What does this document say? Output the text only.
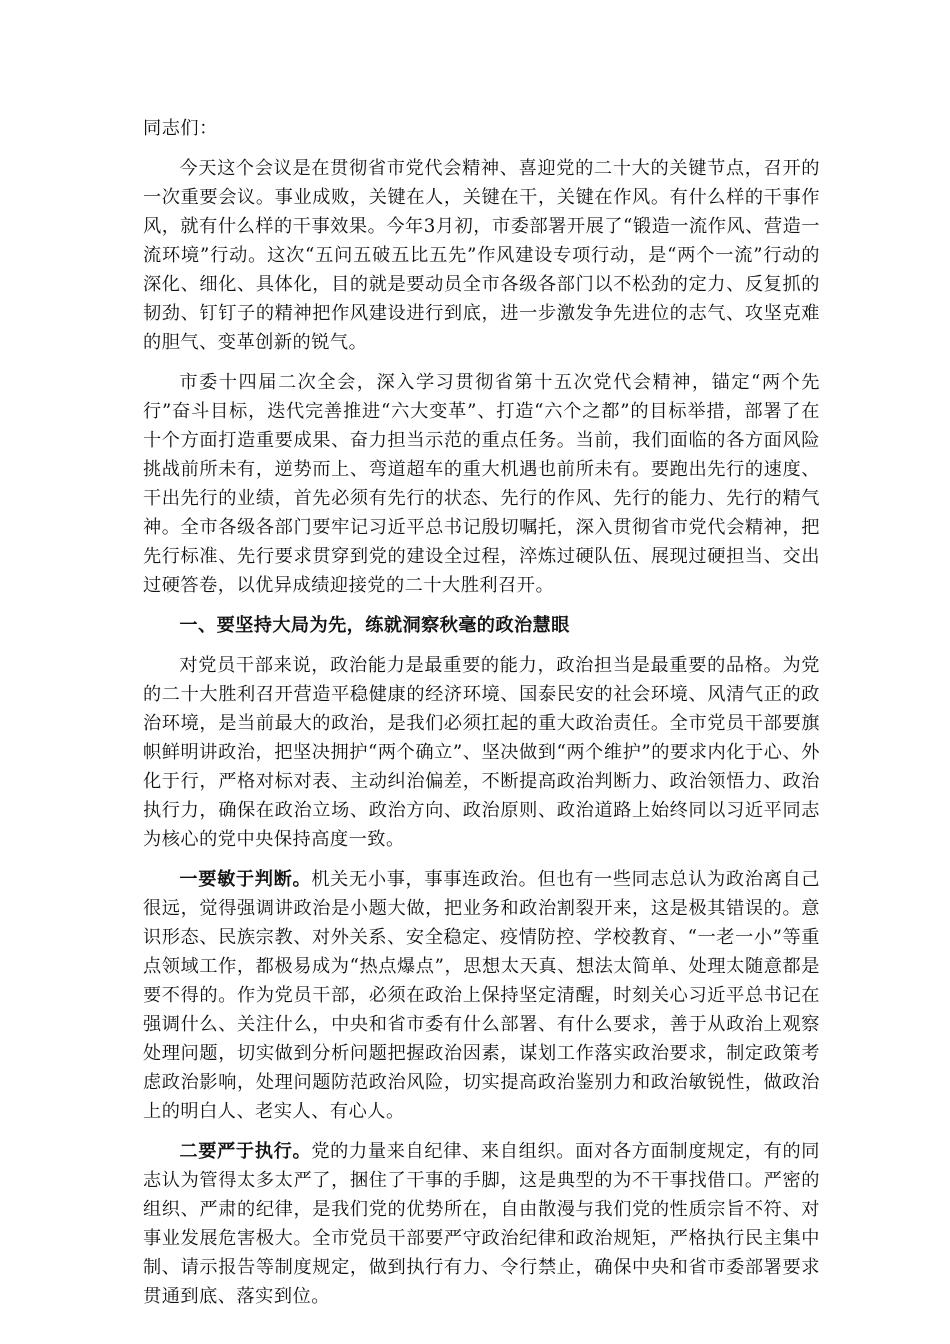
同志们：

今天这个会议是在贯彻省市党代会精神、喜迎党的二十大的关键节点，召开的一次重要会议。事业成败，关键在人，关键在干，关键在作风。有什么样的干事作风，就有什么样的干事效果。今年3月初，市委部署开展了“锻造一流作风、营造一流环境”行动。这次“五问五破五比五先”作风建设专项行动，是“两个一流”行动的深化、细化、具体化，目的就是要动员全市各级各部门以不松劲的定力、反复抓的韧劲、钉钉子的精神把作风建设进行到底，进一步激发争先进位的志气、攻坚克难的胆气、变革创新的锐气。

市委十四届二次全会，深入学习贯彻省第十五次党代会精神，锚定“两个先行”奋斗目标，迭代完善推进“六大变革”、打造“六个之都”的目标举措，部署了在十个方面打造重要成果、奋力担当示范的重点任务。当前，我们面临的各方面风险挑战前所未有，逆势而上、弯道超车的重大机遇也前所未有。要跑出先行的速度、干出先行的业绩，首先必须有先行的状态、先行的作风、先行的能力、先行的精气神。全市各级各部门要牢记习近平总书记殷切嘱托，深入贯彻省市党代会精神，把先行标准、先行要求贯穿到党的建设全过程，淬炼过硬队伍、展现过硬担当、交出过硬答卷，以优异成绩迎接党的二十大胜利召开。

一、要坚持大局为先，练就洞察秋毫的政治慧眼

对党员干部来说，政治能力是最重要的能力，政治担当是最重要的品格。为党的二十大胜利召开营造平稳健康的经济环境、国泰民安的社会环境、风清气正的政治环境，是当前最大的政治，是我们必须扛起的重大政治责任。全市党员干部要旗帜鲜明讲政治，把坚决拥护“两个确立”、坚决做到“两个维护”的要求内化于心、外化于行，严格对标对表、主动纠治偏差，不断提高政治判断力、政治领悟力、政治执行力，确保在政治立场、政治方向、政治原则、政治道路上始终同以习近平同志为核心的党中央保持高度一致。

一要敏于判断。机关无小事，事事连政治。但也有一些同志总认为政治离自己很远，觉得强调讲政治是小题大做，把业务和政治割裂开来，这是极其错误的。意识形态、民族宗教、对外关系、安全稳定、疫情防控、学校教育、“一老一小”等重点领域工作，都极易成为“热点爆点”，思想太天真、想法太简单、处理太随意都是要不得的。作为党员干部，必须在政治上保持坚定清醒，时刻关心习近平总书记在强调什么、关注什么，中央和省市委有什么部署、有什么要求，善于从政治上观察处理问题，切实做到分析问题把握政治因素，谋划工作落实政治要求，制定政策考虑政治影响，处理问题防范政治风险，切实提高政治鉴别力和政治敏锐性，做政治上的明白人、老实人、有心人。

二要严于执行。党的力量来自纪律、来自组织。面对各方面制度规定，有的同志认为管得太多太严了，捆住了干事的手脚，这是典型的为不干事找借口。严密的组织、严肃的纪律，是我们党的优势所在，自由散漫与我们党的性质宗旨不符、对事业发展危害极大。全市党员干部要严守政治纪律和政治规矩，严格执行民主集中制、请示报告等制度规定，做到执行有力、令行禁止，确保中央和省市委部署要求贯通到底、落实到位。
